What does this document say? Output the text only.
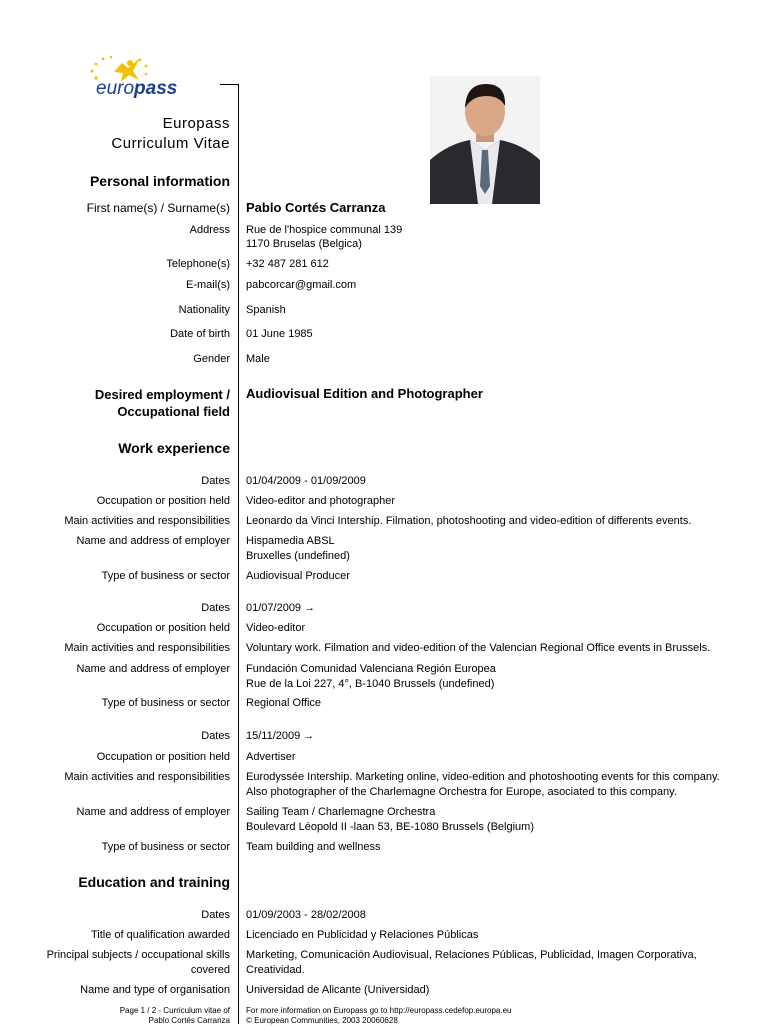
europass
Europass
Curriculum Vitae
Personal information
First name(s) / Surname(s) Pablo Cortés Carranza
Address Rue de l'hospice communal 139
1170 Bruselas (Belgica)
Telephone(s) +32 487 281 612
E-mail(s) pabcorcar@gmail.com
Nationality Spanish
Date of birth 01 June 1985
Gender Male
Desired employment /
Occupational field
Audiovisual Edition and Photographer
Work experience
Dates 01/04/2009 - 01/09/2009
Occupation or position held Video-editor and photographer
Main activities and responsibilities Leonardo da Vinci Intership. Filmation, photoshooting and video-edition of differents events.
Name and address of employer Hispamedia ABSL
Bruxelles (undefined)
Type of business or sector Audiovisual Producer
Dates 01/07/2009 →
Occupation or position held Video-editor
Main activities and responsibilities Voluntary work. Filmation and video-edition of the Valencian Regional Office events in Brussels.
Name and address of employer Fundación Comunidad Valenciana Región Europea
Rue de la Loi 227, 4°, B-1040 Brussels (undefined)
Type of business or sector Regional Office
Dates 15/11/2009 →
Occupation or position held Advertiser
Main activities and responsibilities Eurodyssée Intership. Marketing online, video-edition and photoshooting events for this company.
Also photographer of the Charlemagne Orchestra for Europe, asociated to this company.
Name and address of employer Sailing Team / Charlemagne Orchestra
Boulevard Léopold II -laan 53, BE-1080 Brussels (Belgium)
Type of business or sector Team building and wellness
Education and training
Dates 01/09/2003 - 28/02/2008
Title of qualification awarded Licenciado en Publicidad y Relaciones Públicas
Principal subjects / occupational skills
covered
Marketing, Comunicación Audiovisual, Relaciones Públicas, Publicidad, Imagen Corporativa,
Creatividad.
Name and type of organisation Universidad de Alicante (Universidad)
Page 1 / 2 - Curriculum vitae of
Pablo Cortés Carranza
For more information on Europass go to http://europass.cedefop.europa.eu
© European Communities, 2003 20060628
